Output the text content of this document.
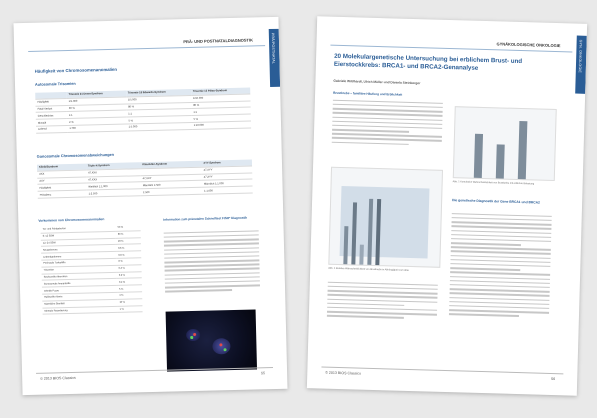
PRÄ/POSTNATAL
PRÄ- UND POSTNATALDIAGNOSTIK
Häufigkeit von Chromosomenanomalien
Autosomale Trisomien
	Trisomie 21 Down-Syndrom	Trisomie 18 Edwards-Syndrom	Trisomie 13 Pätau-Syndrom
Häufigkeit	1/1.000	1/5.000	1/10.000
Fetal-Verlust	30 %	80 %	80 %
Geschlechtsv.	1:1	1:1	1:1
Mosaik	2 %	5 %	5 %
Lebend	1:700	1:5.000	1:10.000
Gonosomale Chromosomenabweichungen
Klinik/Syndrom	Triple-X-Syndrom	Klinefelter-Syndrom	XYY-Syndrom
XXX	47,XXX		47,XYY
XXY	47,XXX	47,XXY	47,XYY
Häufigkeit	Weiblich 1:1.000	Männlich 1:500	Männlich 1:1.000
Prävalenz	1:2.500	1:500	1:1.000
Vorkommen von Chromosomenanomalien
Tot- und Fehlgeburten	50 %
6–12 SSW	60 %
12–24 SSW	20 %
Neugeborene	0,6 %
Lebendgeborene	0,6 %
Perinatale Todesfälle	6 %
Trisomien	0,3 %
Strukturelle Aberration	0,2 %
Gonosomale Aneuploidie	0,2 %
Infertile Paare	5 %
Habituelle Aborte	4 %
Männliche Sterilität	10 %
Mentale Retardierung	1 %
Information zum pränatalen Schnelltest FISH* Diagnostik
© 2013 BIOS Classics
55
GYN. ONKOLOGIE
GYNÄKOLOGISCHE ONKOLOGIE
20 Molekulargenetische Untersuchung bei erblichem Brust- und Eierstockkrebs: BRCA1- und BRCA2-Genanalyse
Gabriele Wildhardt, Ulrich Müller und Daniela Steinberger
Brustkrebs – familiäre Häufung und Erblichkeit
Abb. 2 Relative Wahrscheinlichkeit von Brustkrebs in Abhängigkeit vom Alter
Abb. 1 Kumulative Wahrscheinlichkeit von Brustkrebs mit erblicher Belastung
Die genetische Diagnostik der Gene BRCA1 und BRCA2
© 2013 BIOS Classics
56
